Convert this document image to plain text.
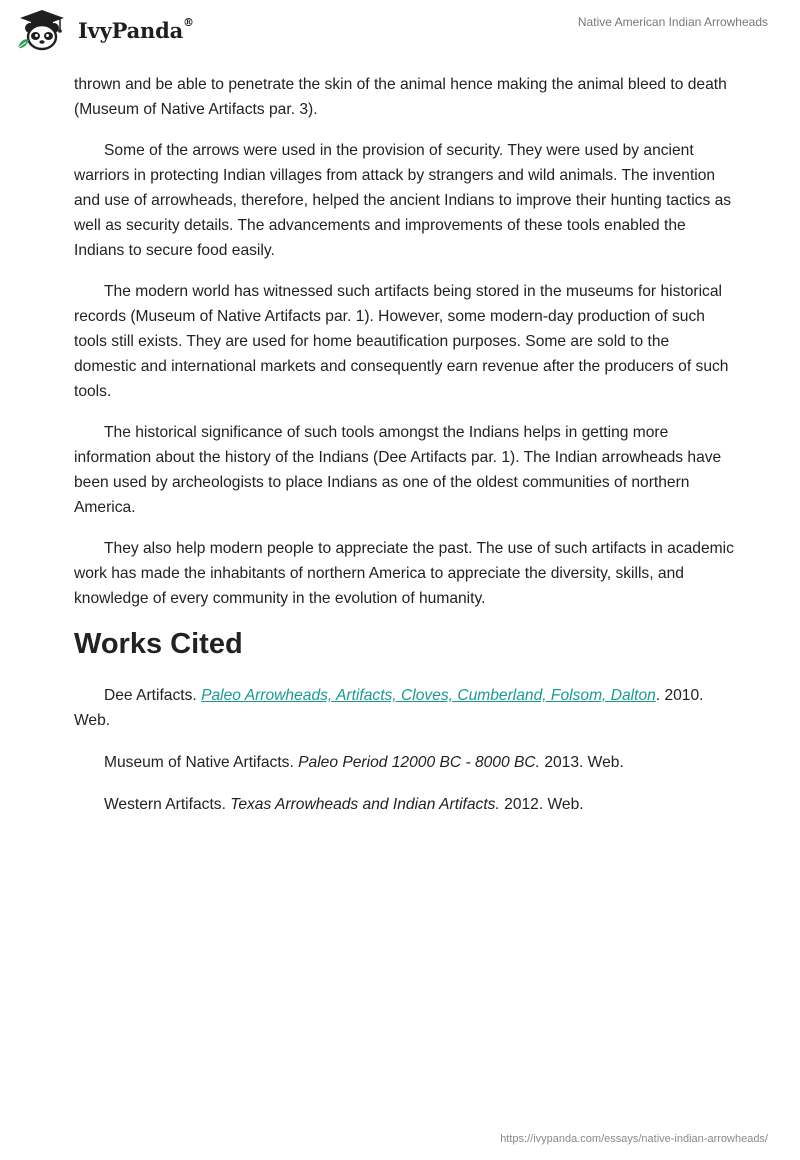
IvyPanda®	Native American Indian Arrowheads

thrown and be able to penetrate the skin of the animal hence making the animal bleed to death (Museum of Native Artifacts par. 3).

Some of the arrows were used in the provision of security. They were used by ancient warriors in protecting Indian villages from attack by strangers and wild animals. The invention and use of arrowheads, therefore, helped the ancient Indians to improve their hunting tactics as well as security details. The advancements and improvements of these tools enabled the Indians to secure food easily.

The modern world has witnessed such artifacts being stored in the museums for historical records (Museum of Native Artifacts par. 1). However, some modern-day production of such tools still exists. They are used for home beautification purposes. Some are sold to the domestic and international markets and consequently earn revenue after the producers of such tools.

The historical significance of such tools amongst the Indians helps in getting more information about the history of the Indians (Dee Artifacts par. 1). The Indian arrowheads have been used by archeologists to place Indians as one of the oldest communities of northern America.

They also help modern people to appreciate the past. The use of such artifacts in academic work has made the inhabitants of northern America to appreciate the diversity, skills, and knowledge of every community in the evolution of humanity.

Works Cited

Dee Artifacts. Paleo Arrowheads, Artifacts, Cloves, Cumberland, Folsom, Dalton. 2010. Web.

Museum of Native Artifacts. Paleo Period 12000 BC - 8000 BC. 2013. Web.

Western Artifacts. Texas Arrowheads and Indian Artifacts. 2012. Web.

https://ivypanda.com/essays/native-indian-arrowheads/
